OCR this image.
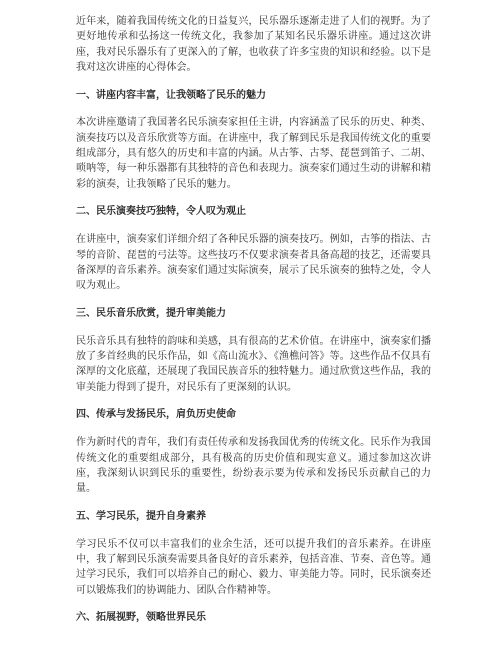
近年来，随着我国传统文化的日益复兴，民乐器乐逐渐走进了人们的视野。为了更好地传承和弘扬这一传统文化，我参加了某知名民乐器乐讲座。通过这次讲座，我对民乐器乐有了更深入的了解，也收获了许多宝贵的知识和经验。以下是我对这次讲座的心得体会。

一、讲座内容丰富，让我领略了民乐的魅力

本次讲座邀请了我国著名民乐演奏家担任主讲，内容涵盖了民乐的历史、种类、演奏技巧以及音乐欣赏等方面。在讲座中，我了解到民乐是我国传统文化的重要组成部分，具有悠久的历史和丰富的内涵。从古筝、古琴、琵琶到笛子、二胡、唢呐等，每一种乐器都有其独特的音色和表现力。演奏家们通过生动的讲解和精彩的演奏，让我领略了民乐的魅力。

二、民乐演奏技巧独特，令人叹为观止

在讲座中，演奏家们详细介绍了各种民乐器的演奏技巧。例如，古筝的指法、古琴的音阶、琵琶的弓法等。这些技巧不仅要求演奏者具备高超的技艺，还需要具备深厚的音乐素养。演奏家们通过实际演奏，展示了民乐演奏的独特之处，令人叹为观止。

三、民乐音乐欣赏，提升审美能力

民乐音乐具有独特的韵味和美感，具有很高的艺术价值。在讲座中，演奏家们播放了多首经典的民乐作品，如《高山流水》、《渔樵问答》等。这些作品不仅具有深厚的文化底蕴，还展现了我国民族音乐的独特魅力。通过欣赏这些作品，我的审美能力得到了提升，对民乐有了更深刻的认识。

四、传承与发扬民乐，肩负历史使命

作为新时代的青年，我们有责任传承和发扬我国优秀的传统文化。民乐作为我国传统文化的重要组成部分，具有极高的历史价值和现实意义。通过参加这次讲座，我深刻认识到民乐的重要性，纷纷表示要为传承和发扬民乐贡献自己的力量。

五、学习民乐，提升自身素养

学习民乐不仅可以丰富我们的业余生活，还可以提升我们的音乐素养。在讲座中，我了解到民乐演奏需要具备良好的音乐素养，包括音准、节奏、音色等。通过学习民乐，我们可以培养自己的耐心、毅力、审美能力等。同时，民乐演奏还可以锻炼我们的协调能力、团队合作精神等。

六、拓展视野，领略世界民乐
